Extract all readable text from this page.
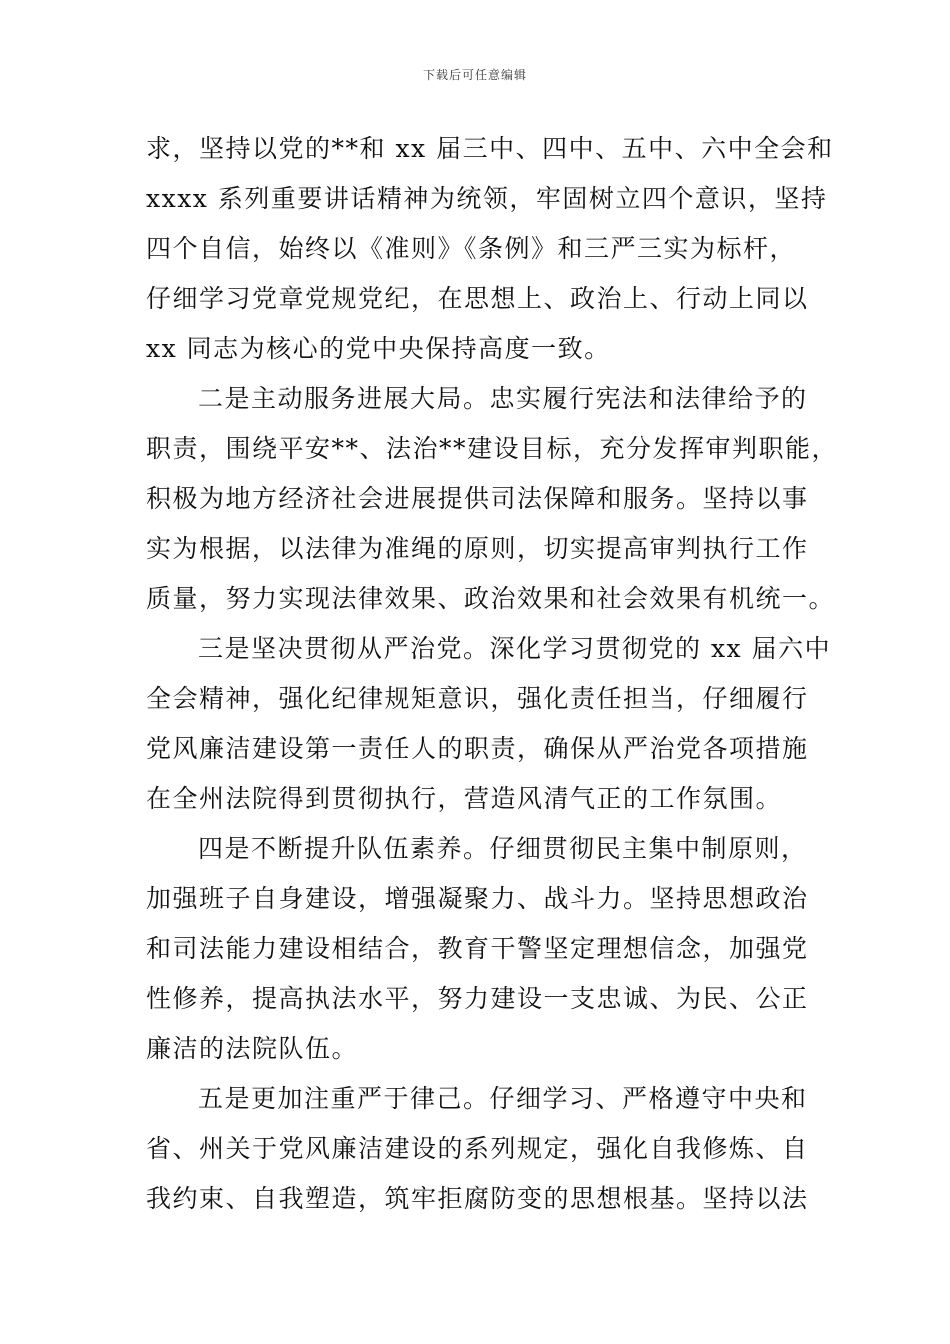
下载后可任意编辑
求，坚持以党的**和 xx 届三中、四中、五中、六中全会和
xxxx 系列重要讲话精神为统领，牢固树立四个意识，坚持
四个自信，始终以《准则》《条例》和三严三实为标杆，
仔细学习党章党规党纪，在思想上、政治上、行动上同以
xx 同志为核心的党中央保持高度一致。
二是主动服务进展大局。忠实履行宪法和法律给予的
职责，围绕平安**、法治**建设目标，充分发挥审判职能，
积极为地方经济社会进展提供司法保障和服务。坚持以事
实为根据，以法律为准绳的原则，切实提高审判执行工作
质量，努力实现法律效果、政治效果和社会效果有机统一。
三是坚决贯彻从严治党。深化学习贯彻党的 xx 届六中
全会精神，强化纪律规矩意识，强化责任担当，仔细履行
党风廉洁建设第一责任人的职责，确保从严治党各项措施
在全州法院得到贯彻执行，营造风清气正的工作氛围。
四是不断提升队伍素养。仔细贯彻民主集中制原则，
加强班子自身建设，增强凝聚力、战斗力。坚持思想政治
和司法能力建设相结合，教育干警坚定理想信念，加强党
性修养，提高执法水平，努力建设一支忠诚、为民、公正
廉洁的法院队伍。
五是更加注重严于律己。仔细学习、严格遵守中央和
省、州关于党风廉洁建设的系列规定，强化自我修炼、自
我约束、自我塑造，筑牢拒腐防变的思想根基。坚持以法
